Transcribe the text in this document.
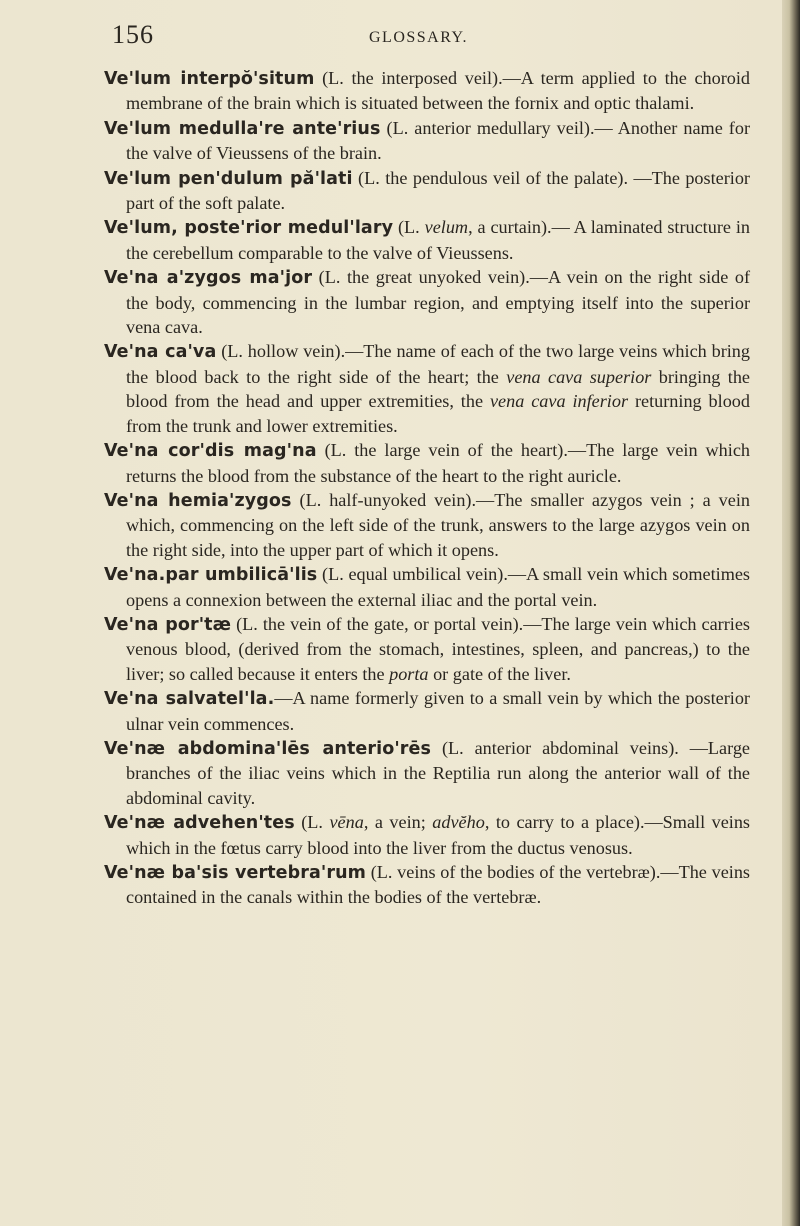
156	GLOSSARY.

Ve'lum interpŏ'situm (L. the interposed veil).—A term applied to the choroid membrane of the brain which is situated between the fornix and optic thalami.

Ve'lum medulla're ante'rius (L. anterior medullary veil).— Another name for the valve of Vieussens of the brain.

Ve'lum pen'dulum pă'lati (L. the pendulous veil of the palate). —The posterior part of the soft palate.

Ve'lum, poste'rior medul'lary (L. velum, a curtain).— A laminated structure in the cerebellum comparable to the valve of Vieussens.

Ve'na a'zygos ma'jor (L. the great unyoked vein).—A vein on the right side of the body, commencing in the lumbar region, and emptying itself into the superior vena cava.

Ve'na ca'va (L. hollow vein).—The name of each of the two large veins which bring the blood back to the right side of the heart; the vena cava superior bringing the blood from the head and upper extremities, the vena cava inferior returning blood from the trunk and lower extremities.

Ve'na cor'dis mag'na (L. the large vein of the heart).—The large vein which returns the blood from the substance of the heart to the right auricle.

Ve'na hemia'zygos (L. half-unyoked vein).—The smaller azygos vein ; a vein which, commencing on the left side of the trunk, answers to the large azygos vein on the right side, into the upper part of which it opens.

Ve'na.par umbilicā'lis (L. equal umbilical vein).—A small vein which sometimes opens a connexion between the external iliac and the portal vein.

Ve'na por'tæ (L. the vein of the gate, or portal vein).—The large vein which carries venous blood, (derived from the stomach, intestines, spleen, and pancreas,) to the liver; so called because it enters the porta or gate of the liver.

Ve'na salvatel'la.—A name formerly given to a small vein by which the posterior ulnar vein commences.

Ve'næ abdomina'lēs anterio'rēs (L. anterior abdominal veins). —Large branches of the iliac veins which in the Reptilia run along the anterior wall of the abdominal cavity.

Ve'næ advehen'tes (L. vēna, a vein; advĕho, to carry to a place).—Small veins which in the fœtus carry blood into the liver from the ductus venosus.

Ve'næ ba'sis vertebra'rum (L. veins of the bodies of the vertebræ).—The veins contained in the canals within the bodies of the vertebræ.
